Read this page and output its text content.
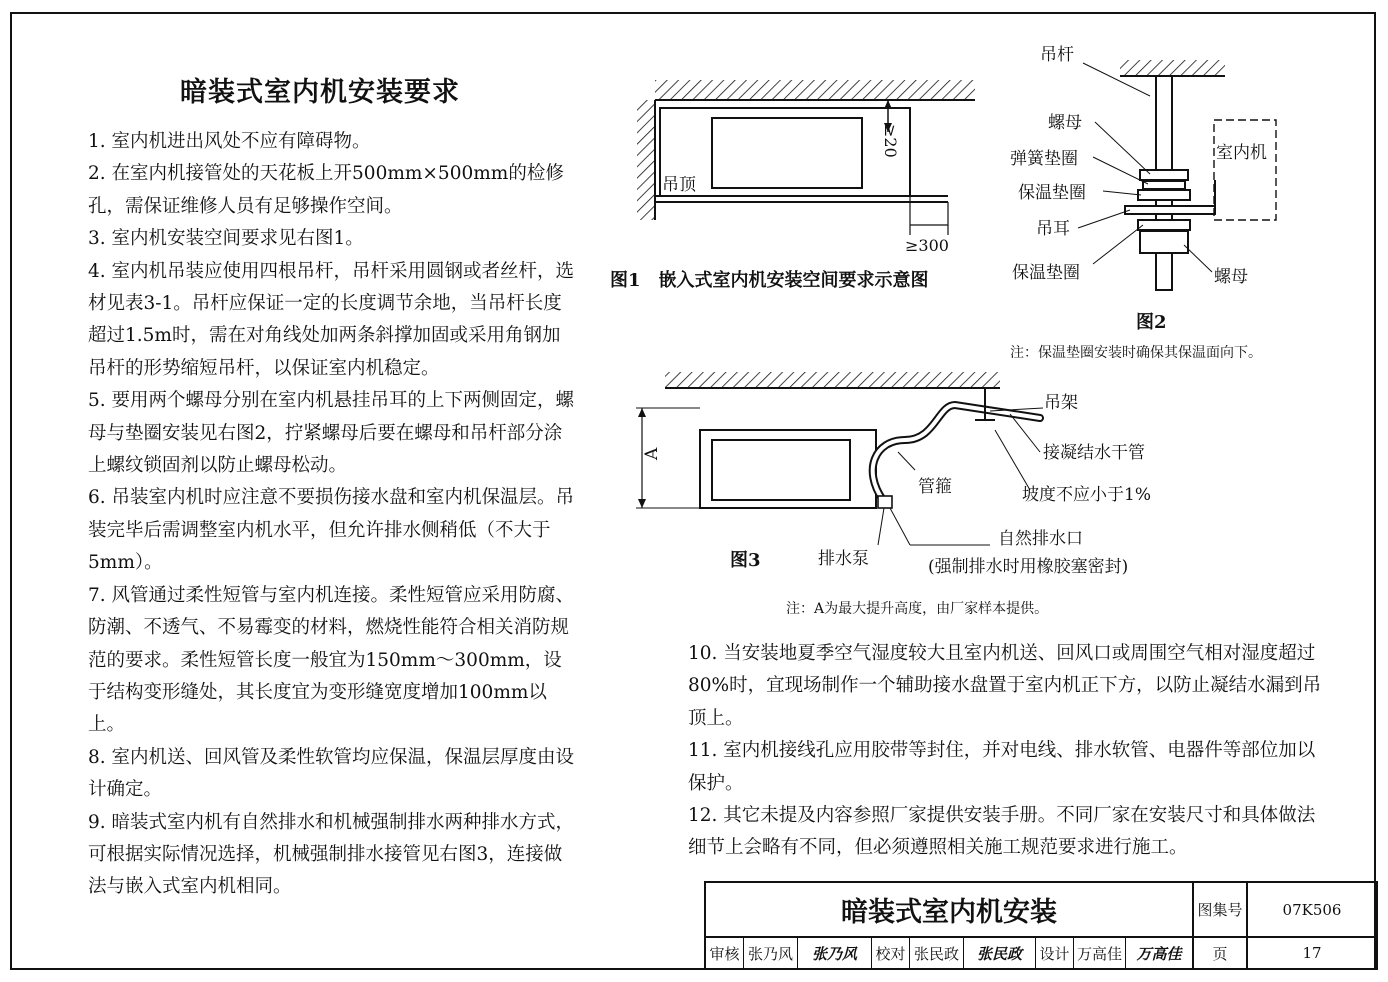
暗装式室内机安装要求

1. 室内机进出风处不应有障碍物。

2. 在室内机接管处的天花板上开500mm×500mm的检修孔，需保证维修人员有足够操作空间。

3. 室内机安装空间要求见右图1。

4. 室内机吊装应使用四根吊杆，吊杆采用圆钢或者丝杆，选材见表3-1。吊杆应保证一定的长度调节余地，当吊杆长度超过1.5m时，需在对角线处加两条斜撑加固或采用角钢加吊杆的形势缩短吊杆，以保证室内机稳定。

5. 要用两个螺母分别在室内机悬挂吊耳的上下两侧固定，螺母与垫圈安装见右图2，拧紧螺母后要在螺母和吊杆部分涂上螺纹锁固剂以防止螺母松动。

6. 吊装室内机时应注意不要损伤接水盘和室内机保温层。吊装完毕后需调整室内机水平，但允许排水侧稍低（不大于5mm）。

7. 风管通过柔性短管与室内机连接。柔性短管应采用防腐、防潮、不透气、不易霉变的材料，燃烧性能符合相关消防规范的要求。柔性短管长度一般宜为150mm～300mm，设于结构变形缝处，其长度宜为变形缝宽度增加100mm以上。

8. 室内机送、回风管及柔性软管均应保温，保温层厚度由设计确定。

9. 暗装式室内机有自然排水和机械强制排水两种排水方式，可根据实际情况选择，机械强制排水接管见右图3，连接做法与嵌入式室内机相同。

吊顶
≥20
≥300
图1　嵌入式室内机安装空间要求示意图
吊杆
螺母
弹簧垫圈
保温垫圈
吊耳
保温垫圈	螺母
室内机
图2
注：保温垫圈安装时确保其保温面向下。
吊架
接凝结水干管
管箍	坡度不应小于1%
自然排水口
(强制排水时用橡胶塞密封)
排水泵
A
图3
注：A为最大提升高度，由厂家样本提供。

10. 当安装地夏季空气湿度较大且室内机送、回风口或周围空气相对湿度超过80%时，宜现场制作一个辅助接水盘置于室内机正下方，以防止凝结水漏到吊顶上。

11. 室内机接线孔应用胶带等封住，并对电线、排水软管、电器件等部位加以保护。

12. 其它未提及内容参照厂家提供安装手册。不同厂家在安装尺寸和具体做法细节上会略有不同，但必须遵照相关施工规范要求进行施工。

暗装式室内机安装	图集号	07K506
审核 张乃风	张乃风	校对 张民政	张民政	设计 万高佳 万高佳	页	17
